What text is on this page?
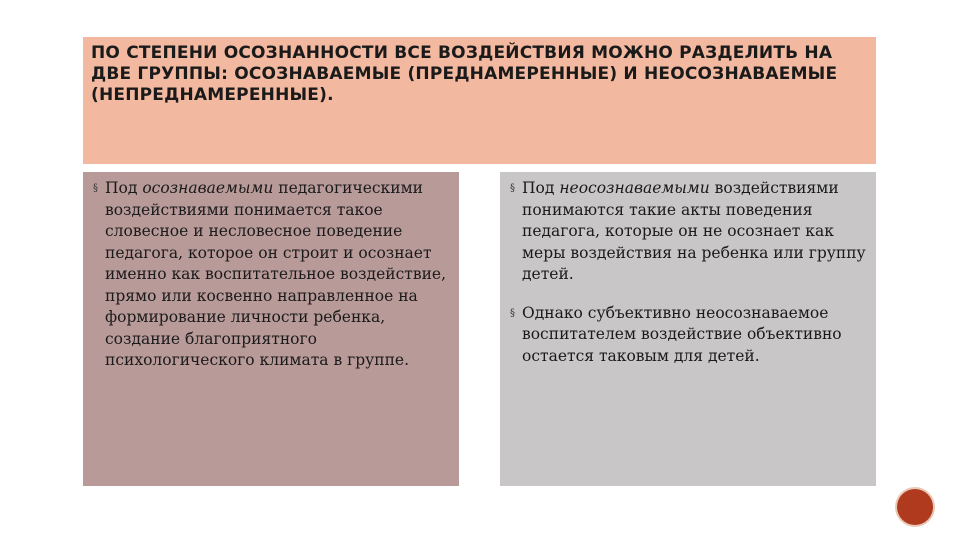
ПО СТЕПЕНИ ОСОЗНАННОСТИ ВСЕ ВОЗДЕЙСТВИЯ МОЖНО РАЗДЕЛИТЬ НА ДВЕ ГРУППЫ: ОСОЗНАВАЕМЫЕ (ПРЕДНАМЕРЕННЫЕ) И НЕОСОЗНАВАЕМЫЕ (НЕПРЕДНАМЕРЕННЫЕ).

§ Под осознаваемыми педагогическими воздействиями понимается такое словесное и несловесное поведение педагога, которое он строит и осознает именно как воспитательное воздействие, прямо или косвенно направленное на формирование личности ребенка, создание благоприятного психологического климата в группе.

§ Под неосознаваемыми воздействиями понимаются такие акты поведения педагога, которые он не осознает как меры воздействия на ребенка или группу детей.

§ Однако субъективно неосознаваемое воспитателем воздействие объективно остается таковым для детей.
